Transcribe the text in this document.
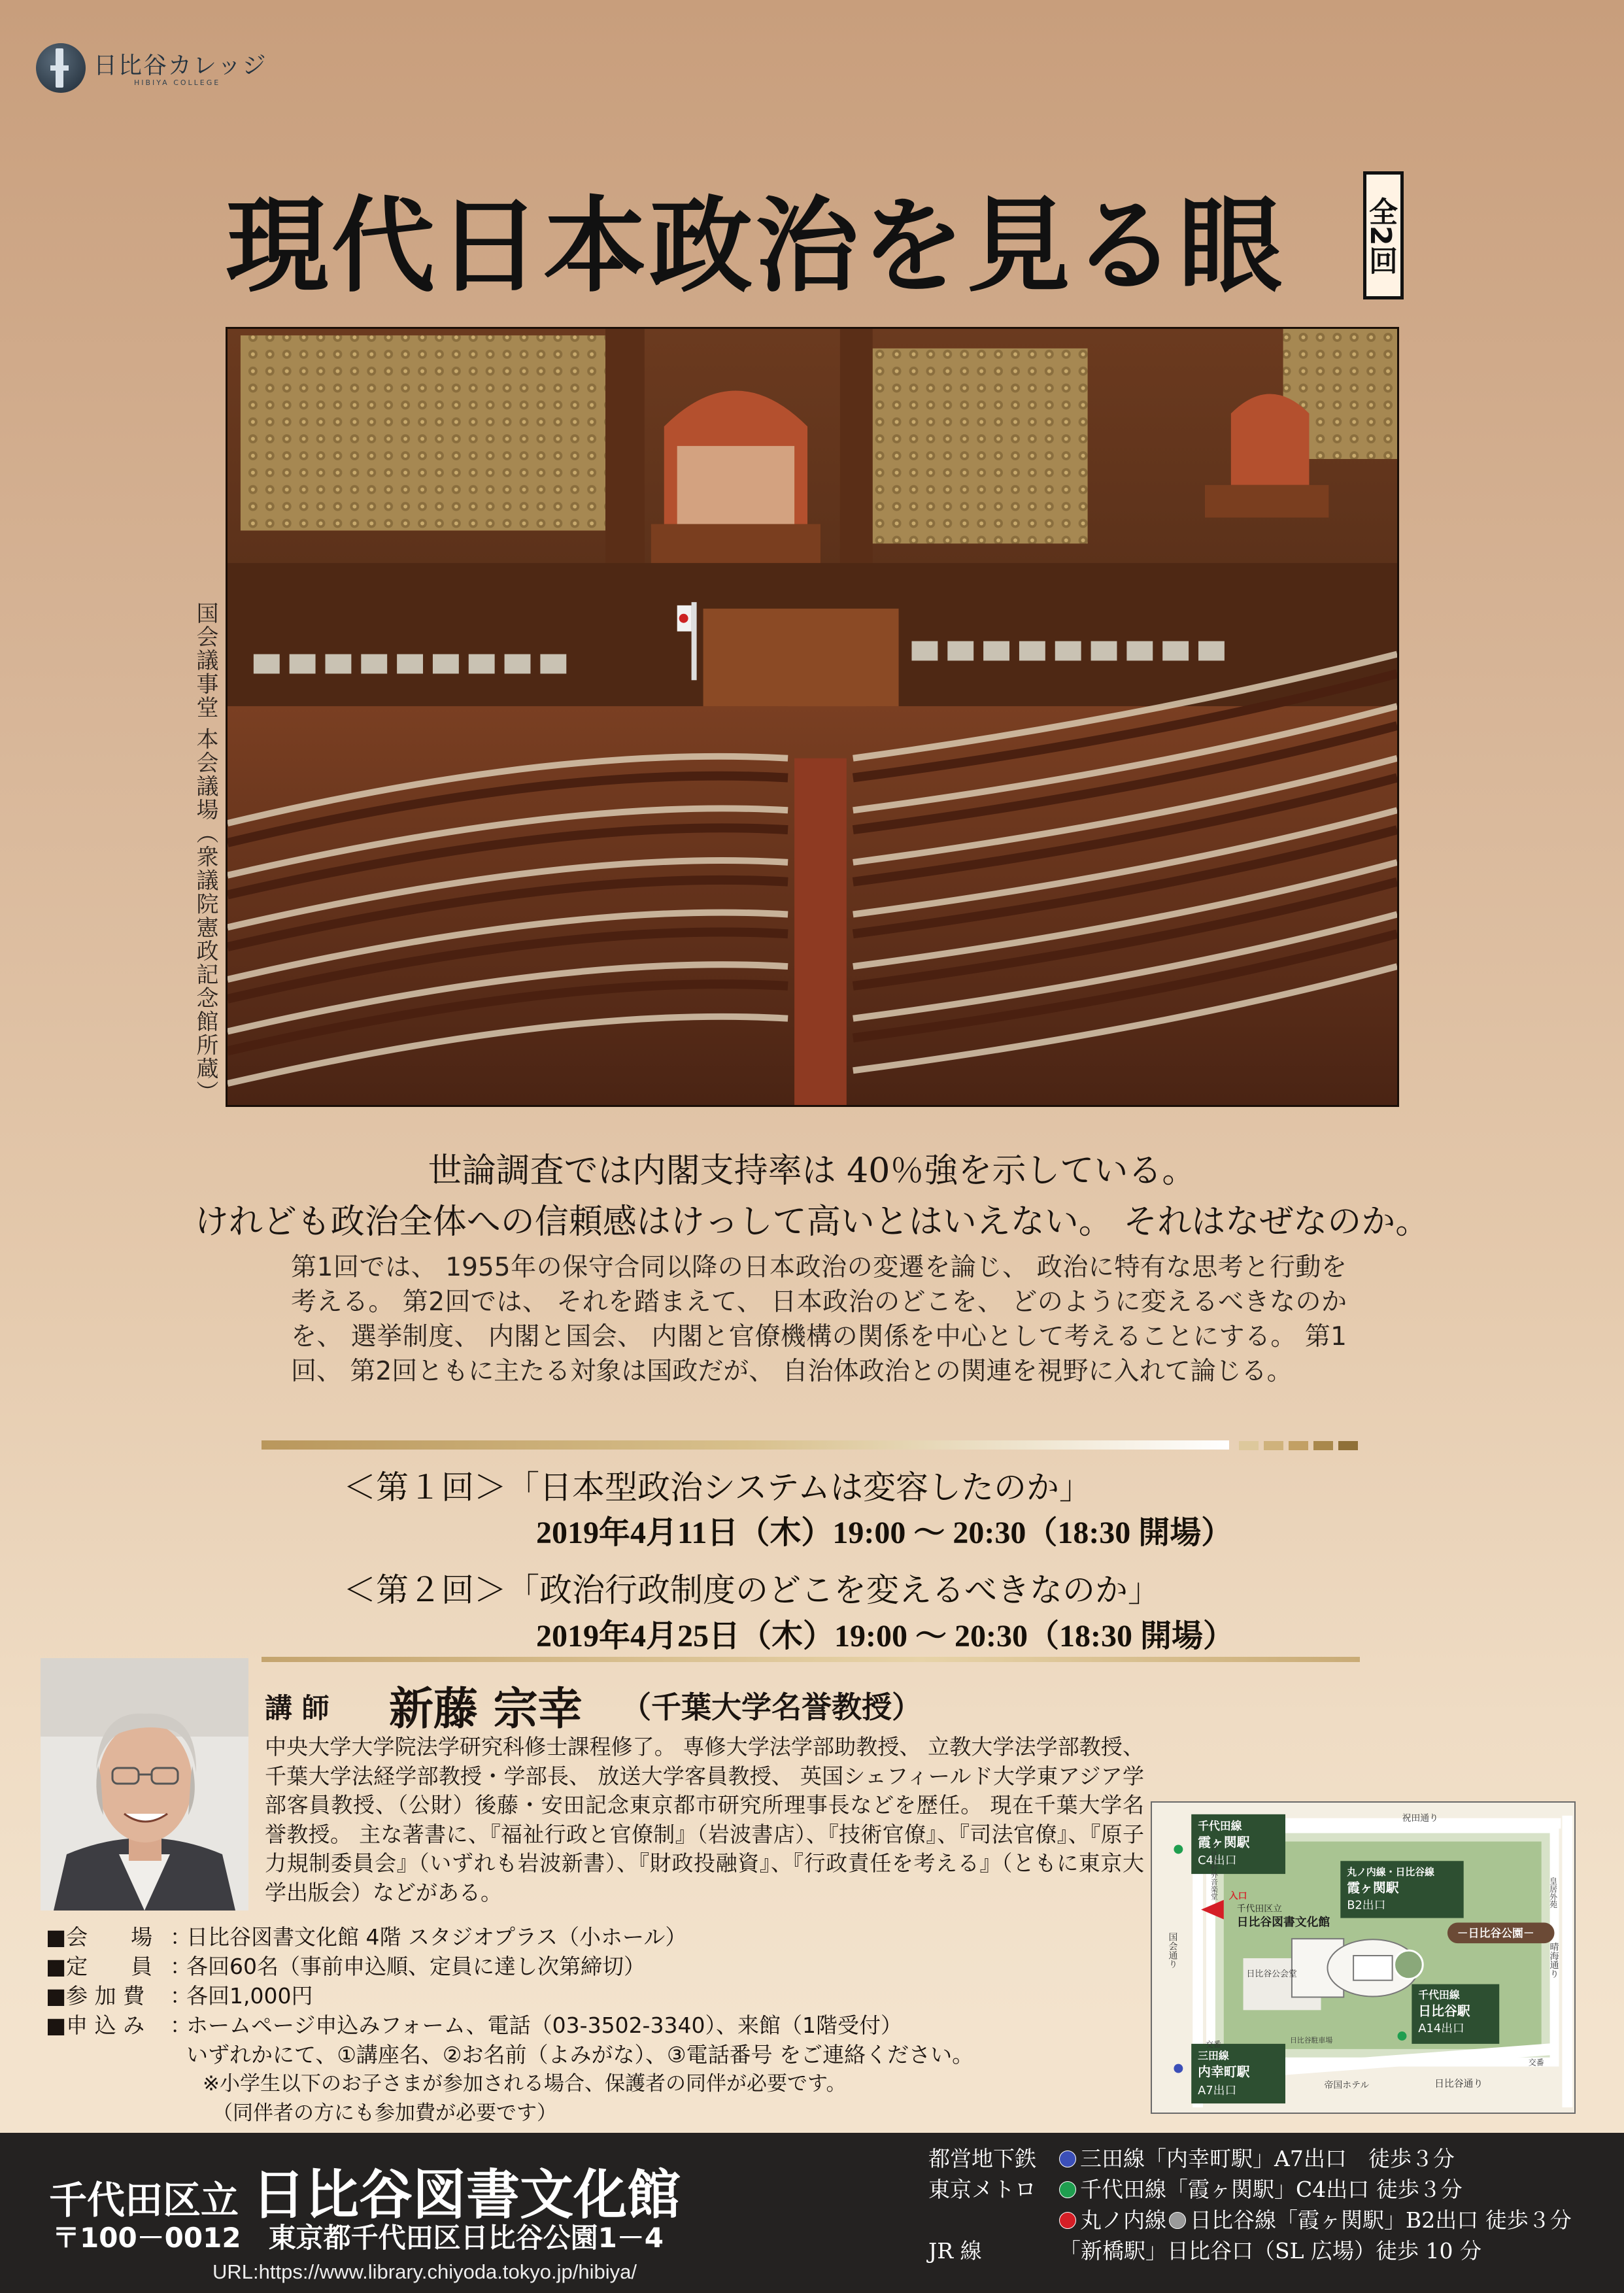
日比谷カレッジ
HIBIYA COLLEGE
現代日本政治を見る眼	全2回
国会議事堂 本会議場（衆議院憲政記念館所蔵）
世論調査では内閣支持率は 40％強を示している。
けれども政治全体への信頼感はけっして高いとはいえない。 それはなぜなのか。
第1回では、 1955年の保守合同以降の日本政治の変遷を論じ、 政治に特有な思考と行動を考える。 第2回では、 それを踏まえて、 日本政治のどこを、 どのように変えるべきなのかを、 選挙制度、 内閣と国会、 内閣と官僚機構の関係を中心として考えることにする。 第1回、 第2回ともに主たる対象は国政だが、 自治体政治との関連を視野に入れて論じる。
＜第１回＞「日本型政治システムは変容したのか」
2019年4月11日（木）19:00 ～ 20:30（18:30 開場）
＜第２回＞「政治行政制度のどこを変えるべきなのか」
2019年4月25日（木）19:00 ～ 20:30（18:30 開場）
講 師 新藤 宗幸 （千葉大学名誉教授）
中央大学大学院法学研究科修士課程修了。 専修大学法学部助教授、 立教大学法学部教授、 千葉大学法経学部教授・学部長、 放送大学客員教授、 英国シェフィールド大学東アジア学部客員教授、（公財）後藤・安田記念東京都市研究所理事長などを歴任。 現在千葉大学名誉教授。 主な著書に、『福祉行政と官僚制』（岩波書店）、『技術官僚』、『司法官僚』、『原子力規制委員会』（いずれも岩波新書）、『財政投融資』、『行政責任を考える』（ともに東京大学出版会）などがある。
■会　　場 ：
日比谷図書文化館 4階 スタジオプラス（小ホール）
■定　　員 ：
各回60名（事前申込順、定員に達し次第締切）
■参 加 費	：
各回1,000円
■申 込 み	：
ホームページ申込みフォーム、電話（03-3502-3340）、来館（1階受付）
いずれかにて、①講座名、②お名前（よみがな）、③電話番号 をご連絡ください。
※小学生以下のお子さまが参加される場合、保護者の同伴が必要です。
（同伴者の方にも参加費が必要です）
千代田線
霞ヶ関駅
C4出口
丸ノ内線・日比谷線
霞ヶ関駅
B2出口
千代田線
日比谷駅
A14出口
三田線
内幸町駅
A7出口
入口
千代田区立
日比谷図書文化館
－日比谷公園－
祝田通り
日比谷通り
国会通り	晴海通り
皇居外苑
日比谷野外音楽堂
日比谷公会堂
日比谷駐車場
交番
交番
帝国ホテル
千代田区立 日比谷図書文化館
〒100－0012　東京都千代田区日比谷公園1－4
URL:https://www.library.chiyoda.tokyo.jp/hibiya/
都営地下鉄	三田線「内幸町駅」A7出口　徒歩３分
東京メトロ	千代田線「霞ヶ関駅」C4出口 徒歩３分
丸ノ内線 日比谷線「霞ヶ関駅」B2出口 徒歩３分
JR 線	「新橋駅」日比谷口（SL 広場）徒歩 10 分
